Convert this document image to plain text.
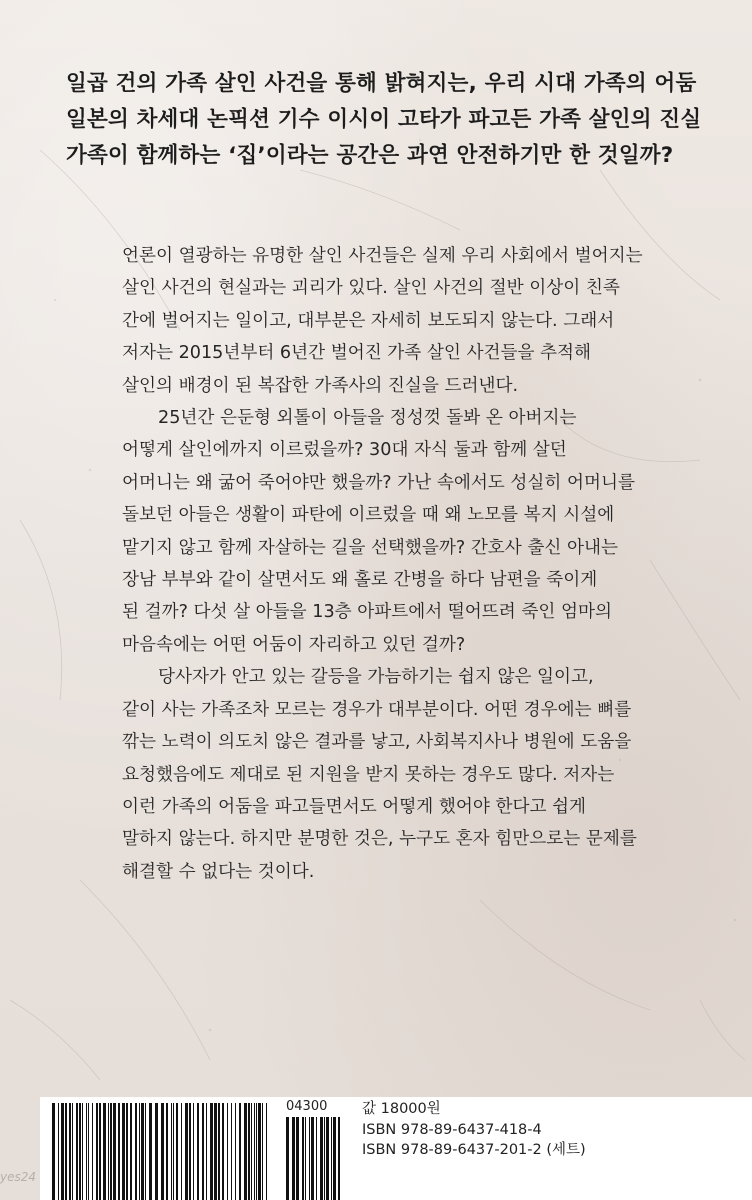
일곱 건의 가족 살인 사건을 통해 밝혀지는, 우리 시대 가족의 어둠
일본의 차세대 논픽션 기수 이시이 고타가 파고든 가족 살인의 진실
가족이 함께하는 ‘집’이라는 공간은 과연 안전하기만 한 것일까?
언론이 열광하는 유명한 살인 사건들은 실제 우리 사회에서 벌어지는
살인 사건의 현실과는 괴리가 있다. 살인 사건의 절반 이상이 친족
간에 벌어지는 일이고, 대부분은 자세히 보도되지 않는다. 그래서
저자는 2015년부터 6년간 벌어진 가족 살인 사건들을 추적해
살인의 배경이 된 복잡한 가족사의 진실을 드러낸다.
25년간 은둔형 외톨이 아들을 정성껏 돌봐 온 아버지는
어떻게 살인에까지 이르렀을까? 30대 자식 둘과 함께 살던
어머니는 왜 굶어 죽어야만 했을까? 가난 속에서도 성실히 어머니를
돌보던 아들은 생활이 파탄에 이르렀을 때 왜 노모를 복지 시설에
맡기지 않고 함께 자살하는 길을 선택했을까? 간호사 출신 아내는
장남 부부와 같이 살면서도 왜 홀로 간병을 하다 남편을 죽이게
된 걸까? 다섯 살 아들을 13층 아파트에서 떨어뜨려 죽인 엄마의
마음속에는 어떤 어둠이 자리하고 있던 걸까?
당사자가 안고 있는 갈등을 가늠하기는 쉽지 않은 일이고,
같이 사는 가족조차 모르는 경우가 대부분이다. 어떤 경우에는 뼈를
깎는 노력이 의도치 않은 결과를 낳고, 사회복지사나 병원에 도움을
요청했음에도 제대로 된 지원을 받지 못하는 경우도 많다. 저자는
이런 가족의 어둠을 파고들면서도 어떻게 했어야 한다고 쉽게
말하지 않는다. 하지만 분명한 것은, 누구도 혼자 힘만으로는 문제를
해결할 수 없다는 것이다.
04300 값 18000원
ISBN 978-89-6437-418-4
ISBN 978-89-6437-201-2 (세트)
yes24
